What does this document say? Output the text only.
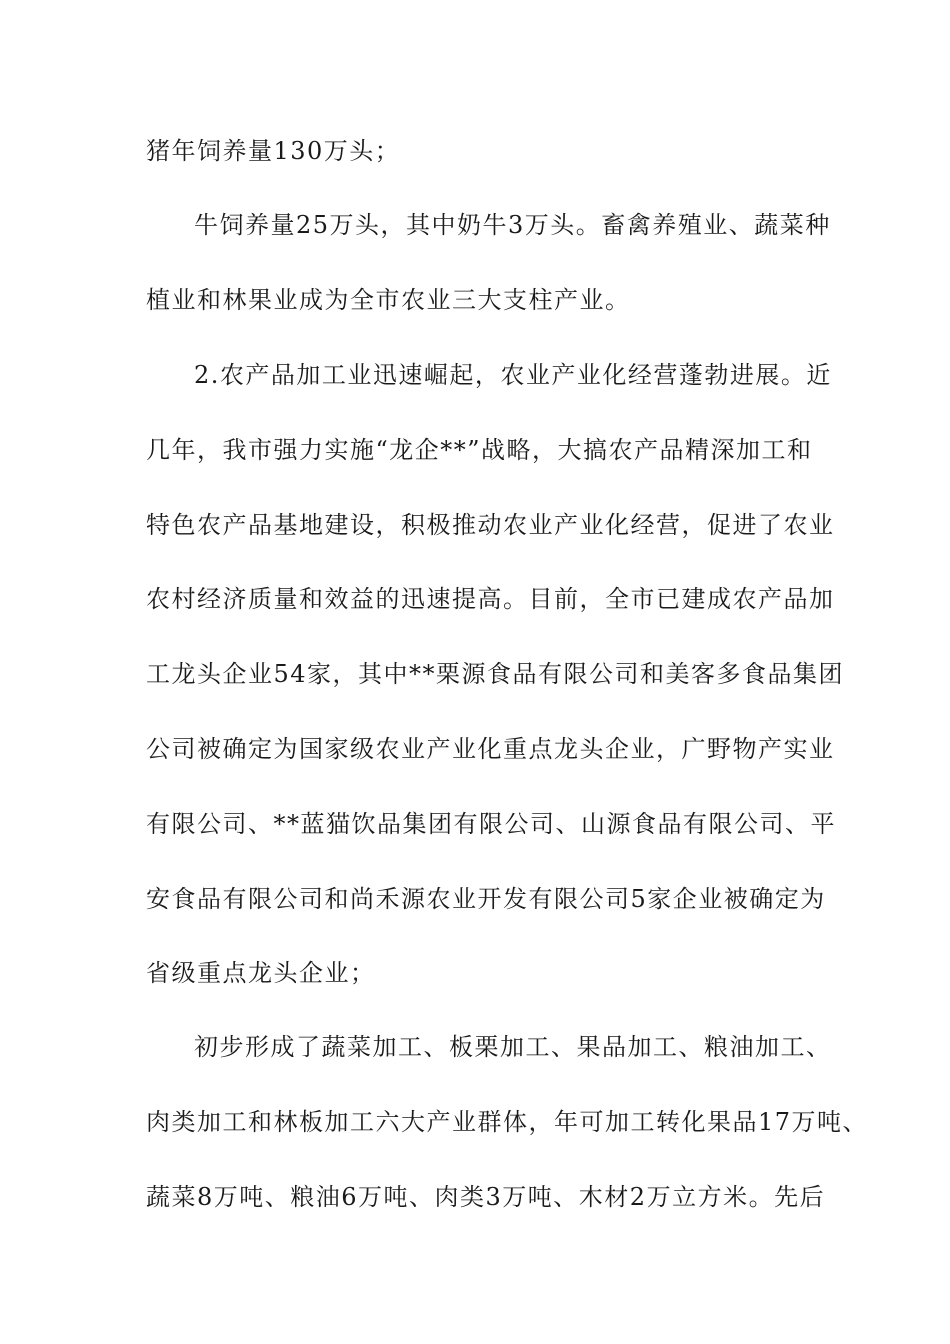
猪年饲养量130万头；
牛饲养量25万头，其中奶牛3万头。畜禽养殖业、蔬菜种
植业和林果业成为全市农业三大支柱产业。
2.农产品加工业迅速崛起，农业产业化经营蓬勃进展。近
几年，我市强力实施“龙企**”战略，大搞农产品精深加工和
特色农产品基地建设，积极推动农业产业化经营，促进了农业
农村经济质量和效益的迅速提高。目前，全市已建成农产品加
工龙头企业54家，其中**栗源食品有限公司和美客多食品集团
公司被确定为国家级农业产业化重点龙头企业，广野物产实业
有限公司、**蓝猫饮品集团有限公司、山源食品有限公司、平
安食品有限公司和尚禾源农业开发有限公司5家企业被确定为
省级重点龙头企业；
初步形成了蔬菜加工、板栗加工、果品加工、粮油加工、
肉类加工和林板加工六大产业群体，年可加工转化果品17万吨、
蔬菜8万吨、粮油6万吨、肉类3万吨、木材2万立方米。先后
